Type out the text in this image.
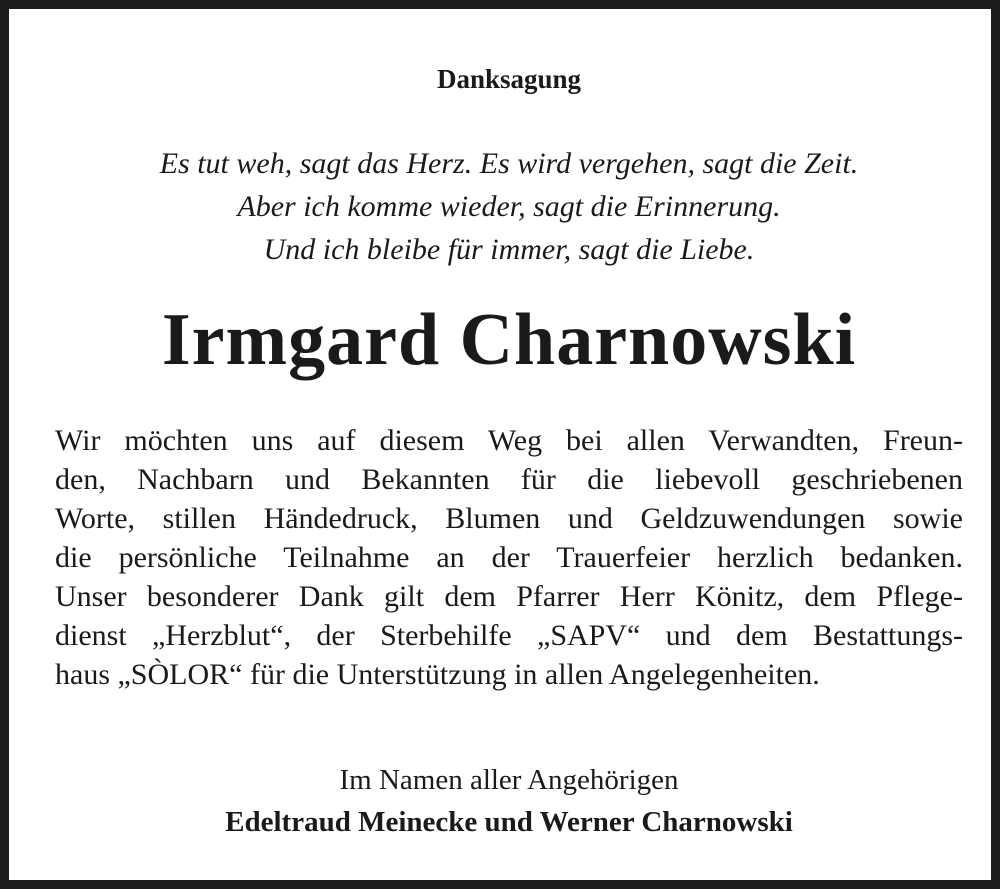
Danksagung
Es tut weh, sagt das Herz. Es wird vergehen, sagt die Zeit.
Aber ich komme wieder, sagt die Erinnerung.
Und ich bleibe für immer, sagt die Liebe.
Irmgard Charnowski
Wir möchten uns auf diesem Weg bei allen Verwandten, Freun-
den, Nachbarn und Bekannten für die liebevoll geschriebenen
Worte, stillen Händedruck, Blumen und Geldzuwendungen sowie
die persönliche Teilnahme an der Trauerfeier herzlich bedanken.
Unser besonderer Dank gilt dem Pfarrer Herr Könitz, dem Pflege-
dienst „Herzblut“, der Sterbehilfe „SAPV“ und dem Bestattungs-
haus „SÒLOR“ für die Unterstützung in allen Angelegenheiten.
Im Namen aller Angehörigen
Edeltraud Meinecke und Werner Charnowski
